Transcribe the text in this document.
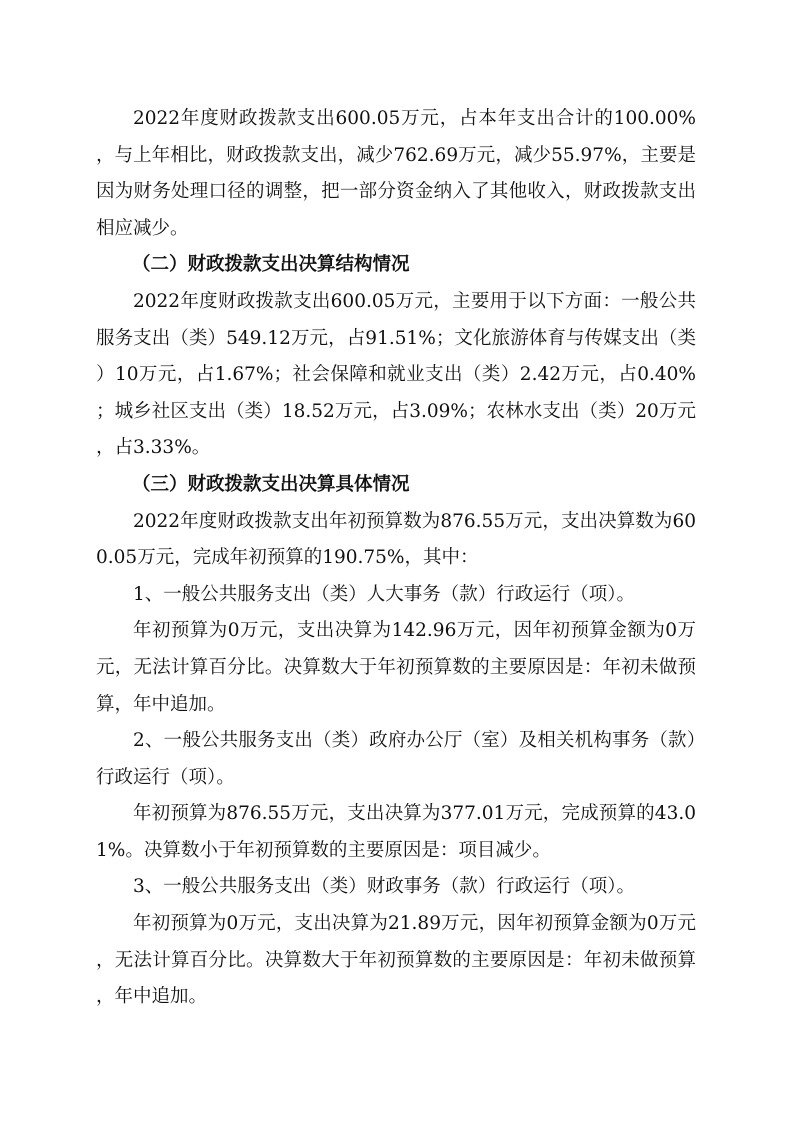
2022年度财政拨款支出600.05万元，占本年支出合计的100.00%，与上年相比，财政拨款支出，减少762.69万元，减少55.97%，主要是因为财务处理口径的调整，把一部分资金纳入了其他收入，财政拨款支出相应减少。

（二）财政拨款支出决算结构情况

2022年度财政拨款支出600.05万元，主要用于以下方面：一般公共服务支出（类）549.12万元，占91.51%；文化旅游体育与传媒支出（类）10万元，占1.67%；社会保障和就业支出（类）2.42万元，占0.40%；城乡社区支出（类）18.52万元，占3.09%；农林水支出（类）20万元，占3.33%。

（三）财政拨款支出决算具体情况

2022年度财政拨款支出年初预算数为876.55万元，支出决算数为600.05万元，完成年初预算的190.75%，其中：

1、一般公共服务支出（类）人大事务（款）行政运行（项）。

年初预算为0万元，支出决算为142.96万元，因年初预算金额为0万元，无法计算百分比。决算数大于年初预算数的主要原因是：年初未做预算，年中追加。

2、一般公共服务支出（类）政府办公厅（室）及相关机构事务（款）行政运行（项）。

年初预算为876.55万元，支出决算为377.01万元，完成预算的43.01%。决算数小于年初预算数的主要原因是：项目减少。

3、一般公共服务支出（类）财政事务（款）行政运行（项）。

年初预算为0万元，支出决算为21.89万元，因年初预算金额为0万元，无法计算百分比。决算数大于年初预算数的主要原因是：年初未做预算，年中追加。
